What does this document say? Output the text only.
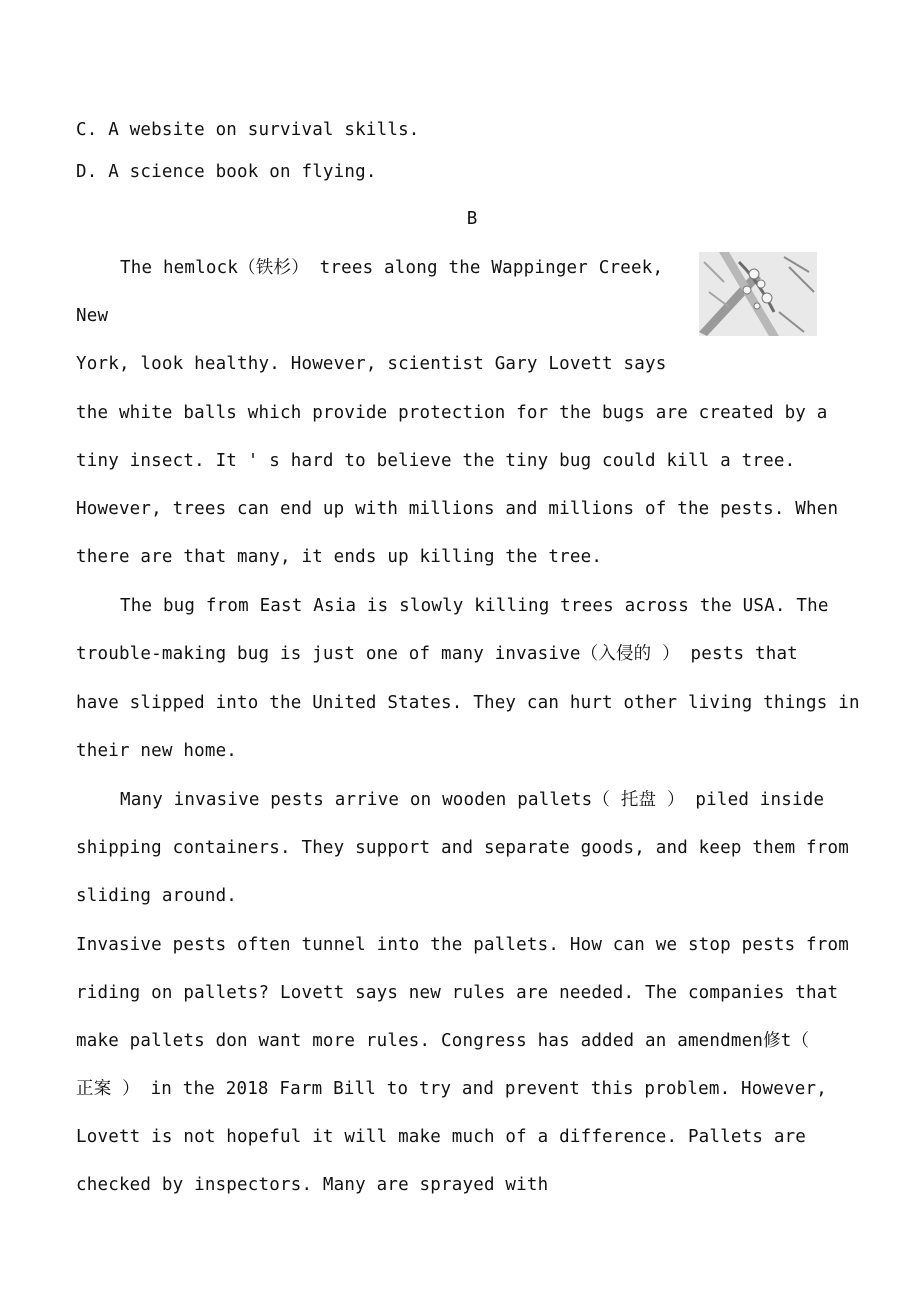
C. A website on survival skills.
D. A science book on flying.
B
The hemlock（铁杉） trees along the Wappinger Creek,
New
York, look healthy. However, scientist Gary Lovett says
the white balls which provide protection for the bugs are created by a
tiny insect. It ' s hard to believe the tiny bug could kill a tree.
However, trees can end up with millions and millions of the pests. When
there are that many, it ends up killing the tree.
The bug from East Asia is slowly killing trees across the USA. The
trouble-making bug is just one of many invasive（入侵的 ） pests that
have slipped into the United States. They can hurt other living things in
their new home.
Many invasive pests arrive on wooden pallets（ 托盘 ） piled inside
shipping containers. They support and separate goods, and keep them from
sliding around.
Invasive pests often tunnel into the pallets. How can we stop pests from
riding on pallets? Lovett says new rules are needed. The companies that
make pallets don want more rules. Congress has added an amendmen修t（
正案 ） in the 2018 Farm Bill to try and prevent this problem. However,
Lovett is not hopeful it will make much of a difference. Pallets are
checked by inspectors. Many are sprayed with
